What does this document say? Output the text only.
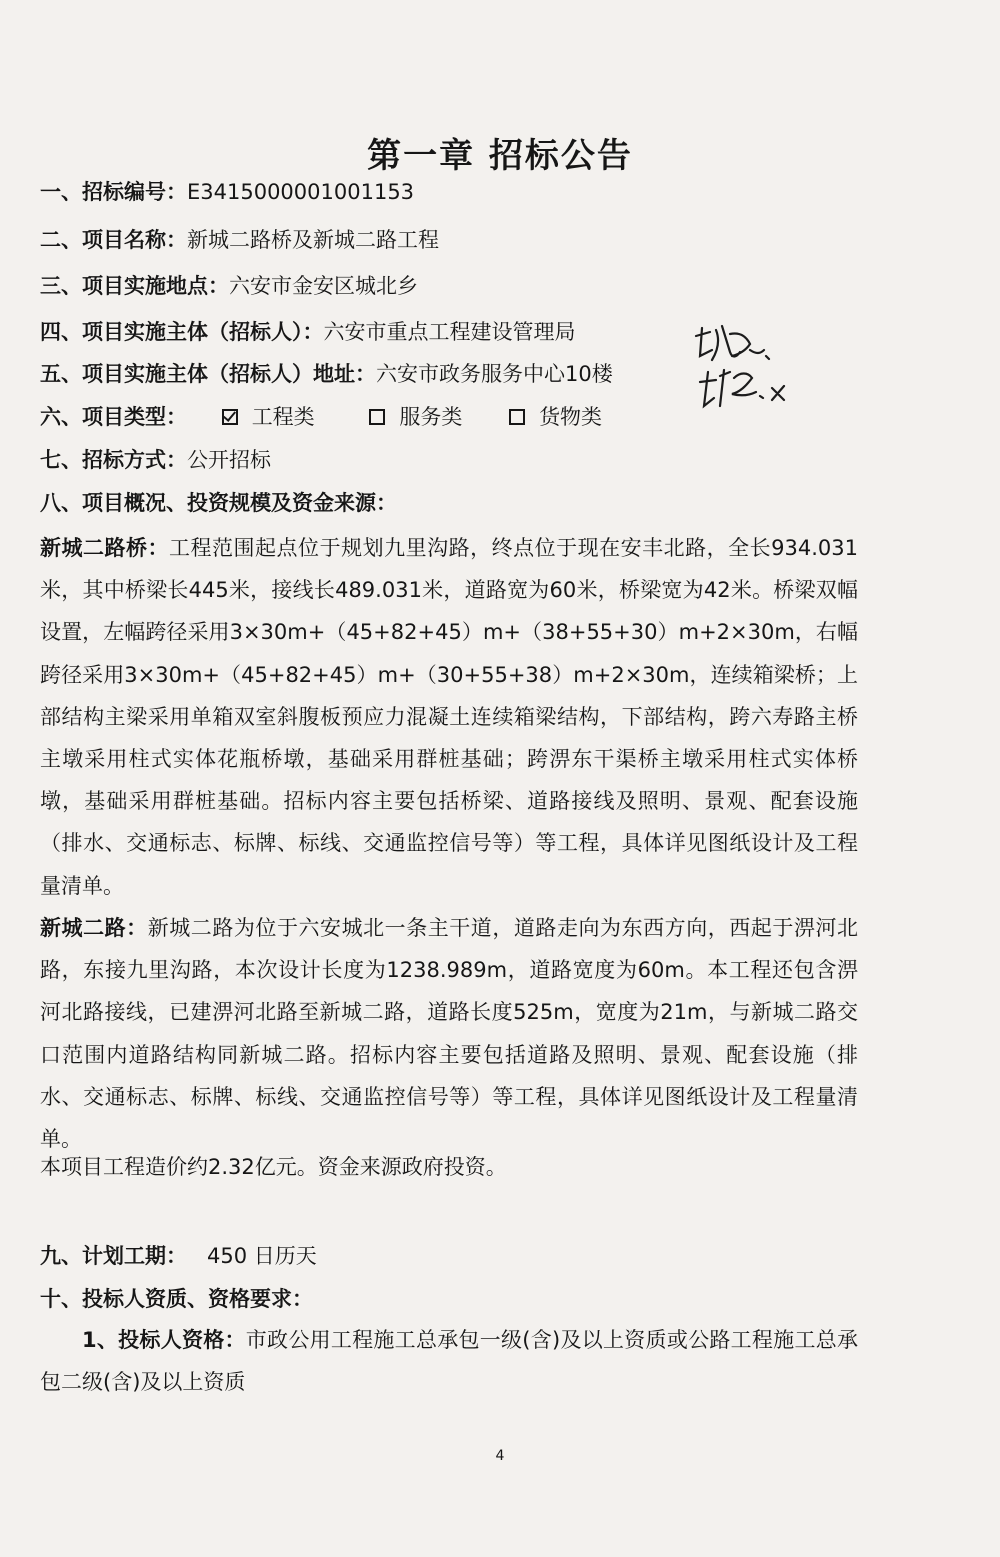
第一章 招标公告
一、招标编号：E3415000001001153
二、项目名称：新城二路桥及新城二路工程
三、项目实施地点：六安市金安区城北乡
四、项目实施主体（招标人）：六安市重点工程建设管理局
五、项目实施主体（招标人）地址：六安市政务服务中心10楼
六、项目类型：	工程类	服务类	货物类
七、招标方式：公开招标
八、项目概况、投资规模及资金来源：
新城二路桥：工程范围起点位于规划九里沟路，终点位于现在安丰北路，全长934.031米，其中桥梁长445米，接线长489.031米，道路宽为60米，桥梁宽为42米。桥梁双幅设置，左幅跨径采用3×30m+（45+82+45）m+（38+55+30）m+2×30m，右幅跨径采用3×30m+（45+82+45）m+（30+55+38）m+2×30m，连续箱梁桥；上部结构主梁采用单箱双室斜腹板预应力混凝土连续箱梁结构，下部结构，跨六寿路主桥主墩采用柱式实体花瓶桥墩，基础采用群桩基础；跨淠东干渠桥主墩采用柱式实体桥墩，基础采用群桩基础。招标内容主要包括桥梁、道路接线及照明、景观、配套设施（排水、交通标志、标牌、标线、交通监控信号等）等工程，具体详见图纸设计及工程量清单。
新城二路：新城二路为位于六安城北一条主干道，道路走向为东西方向，西起于淠河北路，东接九里沟路，本次设计长度为1238.989m，道路宽度为60m。本工程还包含淠河北路接线，已建淠河北路至新城二路，道路长度525m，宽度为21m，与新城二路交口范围内道路结构同新城二路。招标内容主要包括道路及照明、景观、配套设施（排水、交通标志、标牌、标线、交通监控信号等）等工程，具体详见图纸设计及工程量清单。
本项目工程造价约2.32亿元。资金来源政府投资。
九、计划工期： 450 日历天
十、投标人资质、资格要求：
1、投标人资格：市政公用工程施工总承包一级(含)及以上资质或公路工程施工总承包二级(含)及以上资质
4
